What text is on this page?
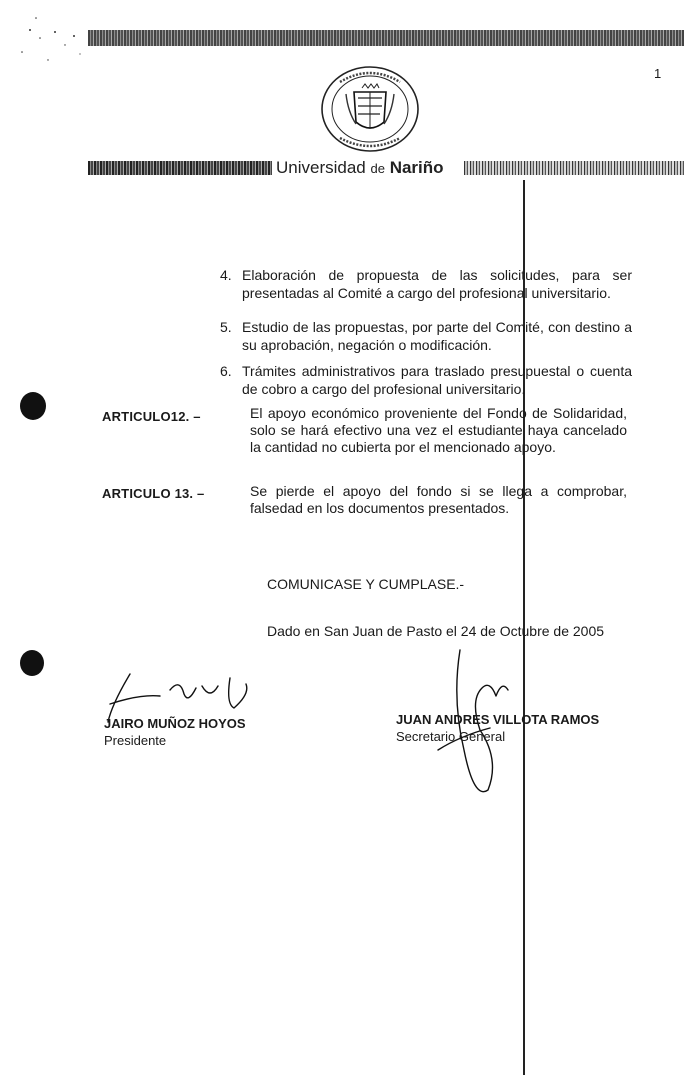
1
Universidad de Nariño
4. Elaboración de propuesta de las solicitudes, para ser presentadas al Comité a cargo del profesional universitario.
5. Estudio de las propuestas, por parte del Comité, con destino a su aprobación, negación o modificación.
6. Trámites administrativos para traslado presupuestal o cuenta de cobro a cargo del profesional universitario.
ARTICULO12. –	El apoyo económico proveniente del Fondo de Solidaridad, solo se hará efectivo una vez el estudiante haya cancelado la cantidad no cubierta por el mencionado apoyo.
ARTICULO 13. –	Se pierde el apoyo del fondo si se llega a comprobar, falsedad en los documentos presentados.
COMUNICASE Y CUMPLASE.-
Dado en San Juan de Pasto el 24 de Octubre de 2005
JAIRO MUÑOZ HOYOS
Presidente
JUAN ANDRES VILLOTA RAMOS
Secretario General
